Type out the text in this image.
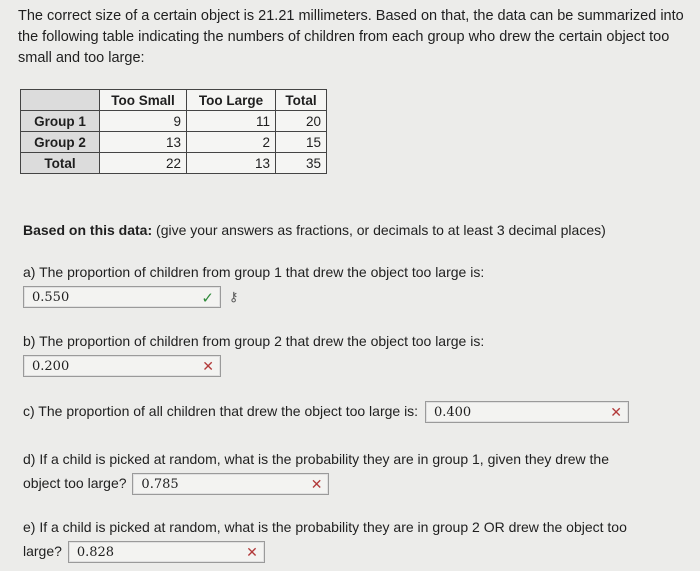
The correct size of a certain object is 21.21 millimeters. Based on that, the data can be summarized into the following table indicating the numbers of children from each group who drew the certain object too small and too large:
	Too Small	Too Large	Total
Group 1	9	11	20
Group 2	13	2	15
Total	22	13	35
Based on this data: (give your answers as fractions, or decimals to at least 3 decimal places)
a) The proportion of children from group 1 that drew the object too large is:
0.550	✓ ⚷
b) The proportion of children from group 2 that drew the object too large is:
0.200	✕
c) The proportion of all children that drew the object too large is: 0.400	✕
d) If a child is picked at random, what is the probability they are in group 1, given they drew the
object too large? 0.785	✕
e) If a child is picked at random, what is the probability they are in group 2 OR drew the object too
large? 0.828	✕
